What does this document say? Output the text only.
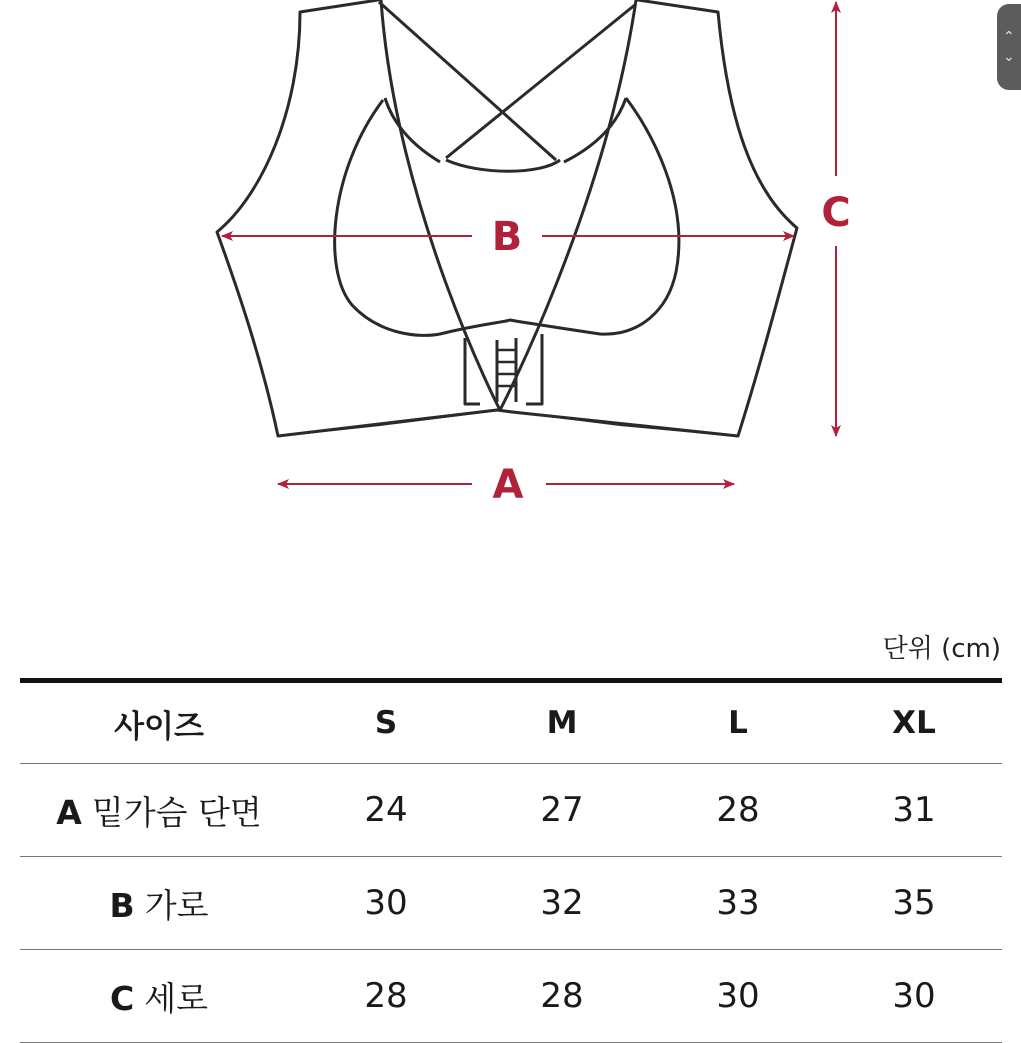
B
A
C
⌃
⌄
단위 (cm)
사이즈	S	M	L	XL
A 밑가슴 단면	24	27	28	31
B 가로	30	32	33	35
C 세로	28	28	30	30
